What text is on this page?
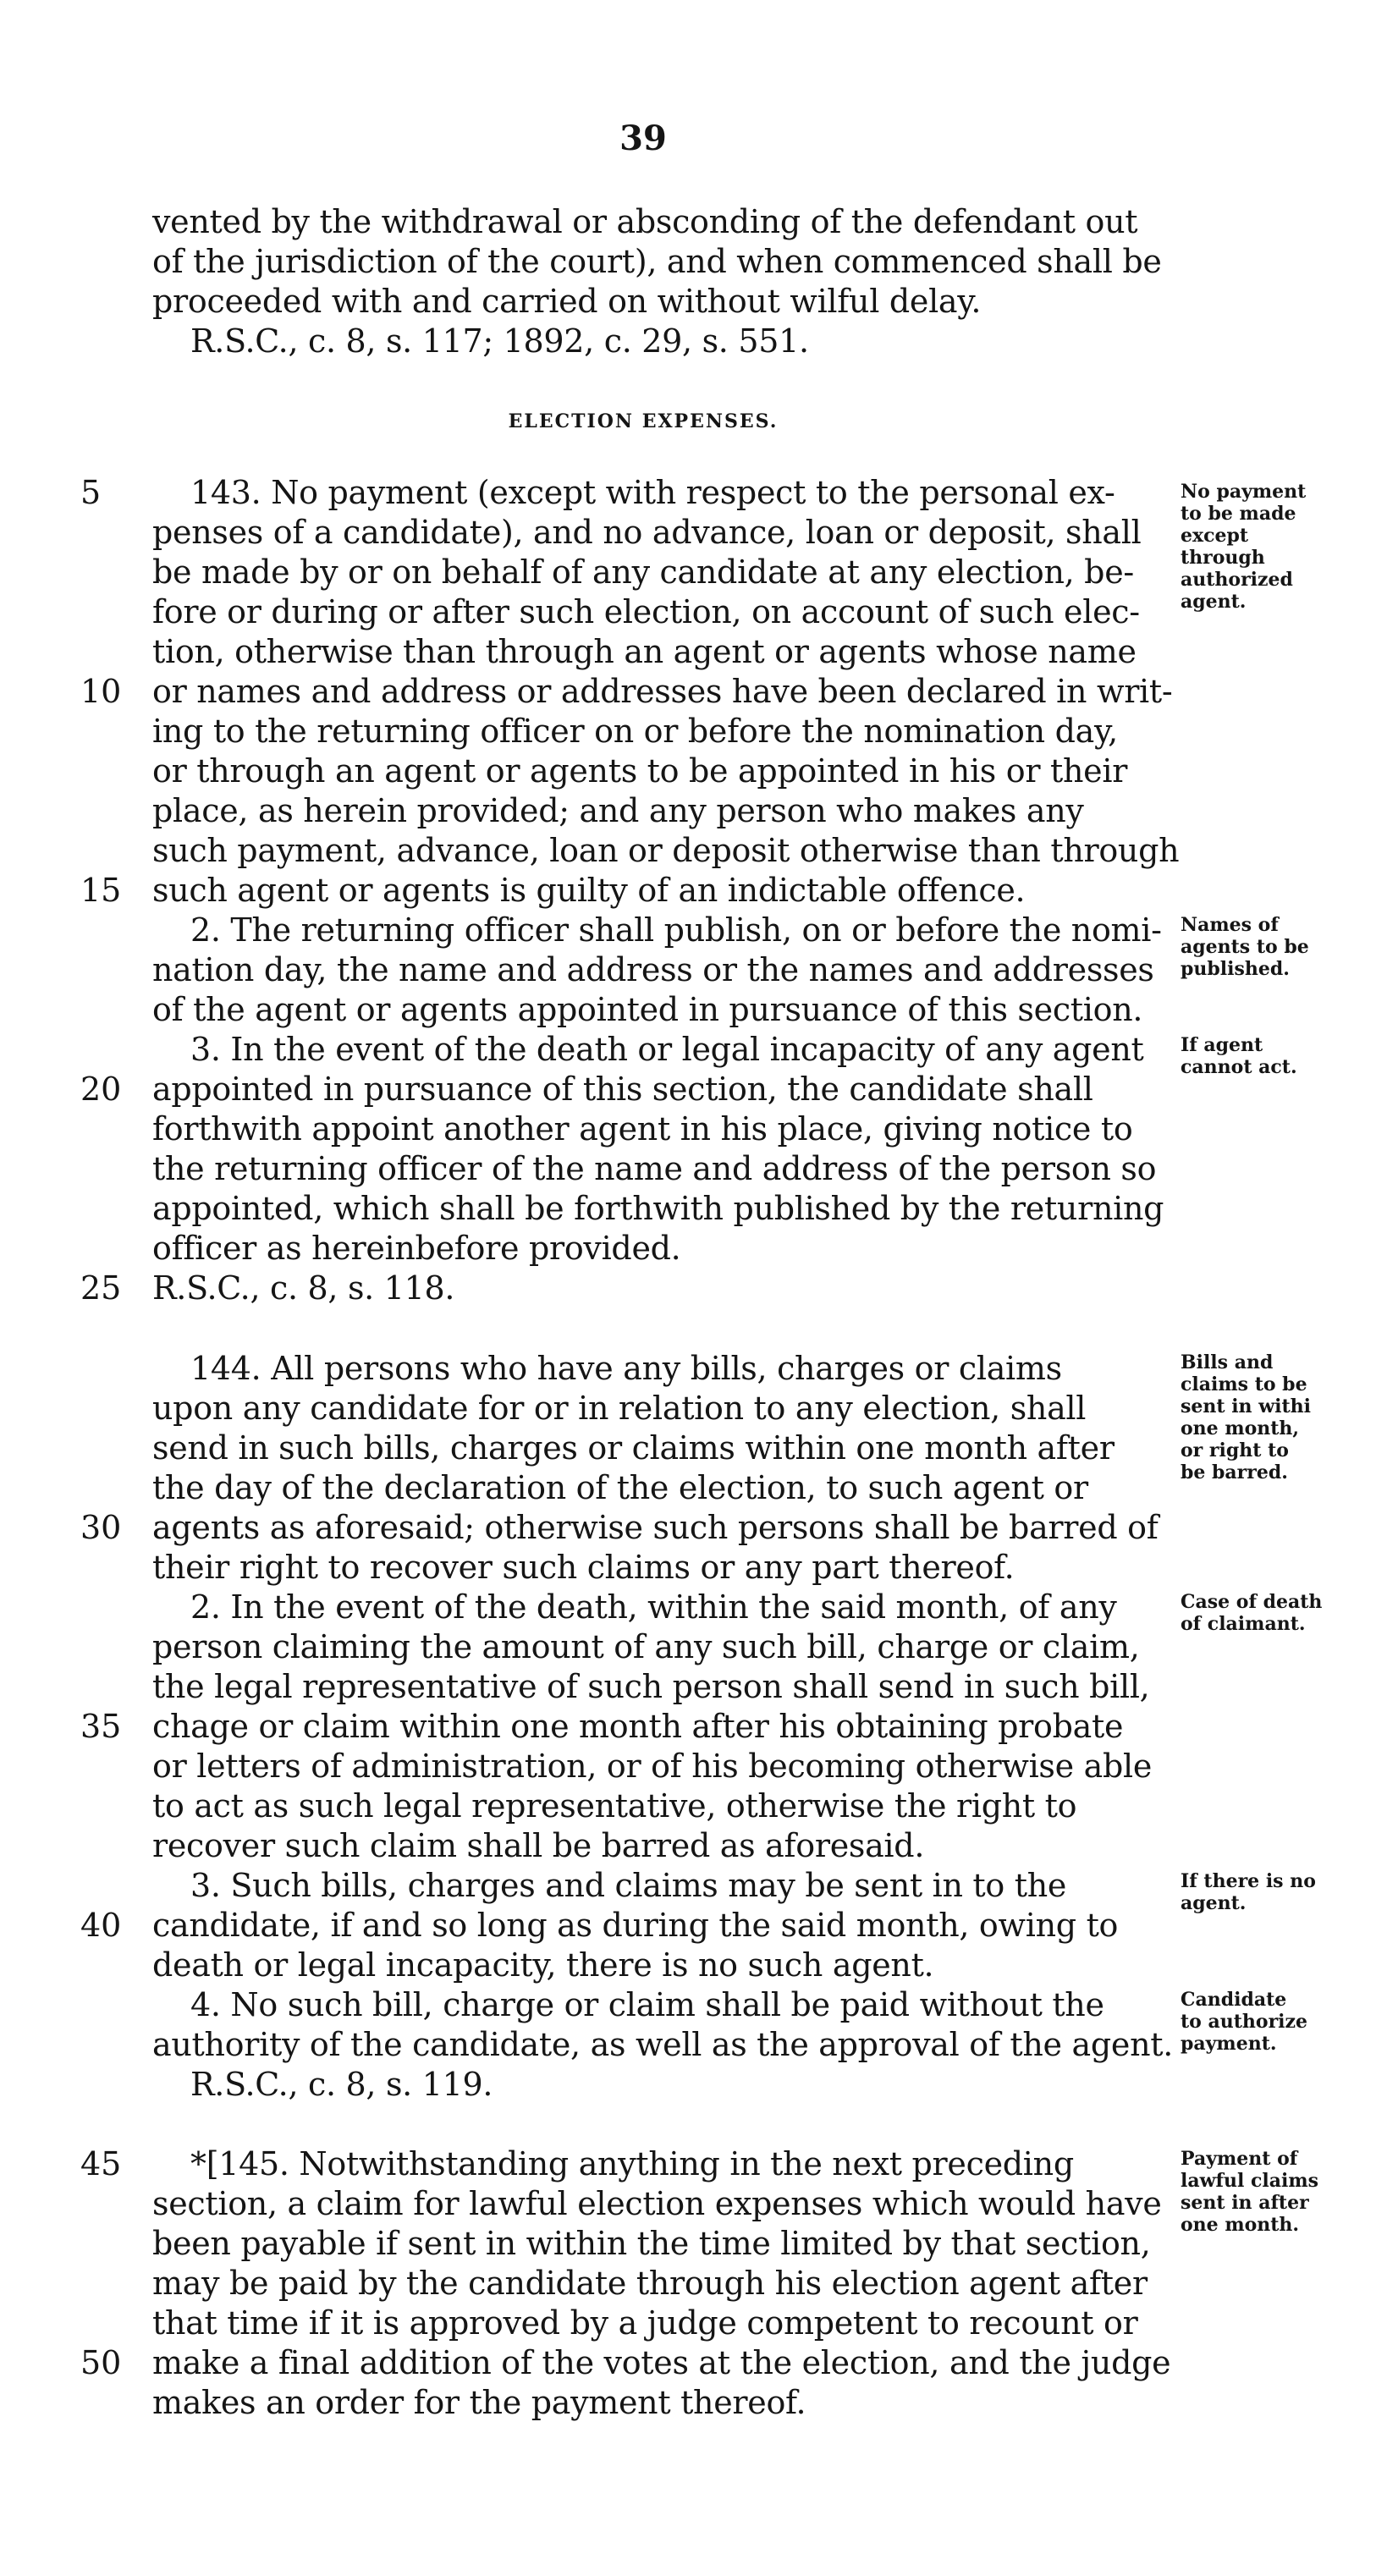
39
ELECTION EXPENSES.
vented by the withdrawal or absconding of the defendant out
of the jurisdiction of the court), and when commenced shall be
proceeded with and carried on without wilful delay.
R.S.C., c. 8, s. 117; 1892, c. 29, s. 551.
143. No payment (except with respect to the personal ex-
penses of a candidate), and no advance, loan or deposit, shall
be made by or on behalf of any candidate at any election, be-
fore or during or after such election, on account of such elec-
tion, otherwise than through an agent or agents whose name
or names and address or addresses have been declared in writ-
ing to the returning officer on or before the nomination day,
or through an agent or agents to be appointed in his or their
place, as herein provided; and any person who makes any
such payment, advance, loan or deposit otherwise than through
such agent or agents is guilty of an indictable offence.
2. The returning officer shall publish, on or before the nomi-
nation day, the name and address or the names and addresses
of the agent or agents appointed in pursuance of this section.
3. In the event of the death or legal incapacity of any agent
appointed in pursuance of this section, the candidate shall
forthwith appoint another agent in his place, giving notice to
the returning officer of the name and address of the person so
appointed, which shall be forthwith published by the returning
officer as hereinbefore provided.
R.S.C., c. 8, s. 118.
144. All persons who have any bills, charges or claims
upon any candidate for or in relation to any election, shall
send in such bills, charges or claims within one month after
the day of the declaration of the election, to such agent or
agents as aforesaid; otherwise such persons shall be barred of
their right to recover such claims or any part thereof.
2. In the event of the death, within the said month, of any
person claiming the amount of any such bill, charge or claim,
the legal representative of such person shall send in such bill,
chage or claim within one month after his obtaining probate
or letters of administration, or of his becoming otherwise able
to act as such legal representative, otherwise the right to
recover such claim shall be barred as aforesaid.
3. Such bills, charges and claims may be sent in to the
candidate, if and so long as during the said month, owing to
death or legal incapacity, there is no such agent.
4. No such bill, charge or claim shall be paid without the
authority of the candidate, as well as the approval of the agent.
R.S.C., c. 8, s. 119.
*[145. Notwithstanding anything in the next preceding
section, a claim for lawful election expenses which would have
been payable if sent in within the time limited by that section,
may be paid by the candidate through his election agent after
that time if it is approved by a judge competent to recount or
make a final addition of the votes at the election, and the judge
makes an order for the payment thereof.
5
10
15
20
25
30
35
40
45
50
No payment
to be made
except
through
authorized
agent.
Names of
agents to be
published.
If agent
cannot act.
Bills and
claims to be
sent in withi
one month,
or right to
be barred.
Case of death
of claimant.
If there is no
agent.
Candidate
to authorize
payment.
Payment of
lawful claims
sent in after
one month.
